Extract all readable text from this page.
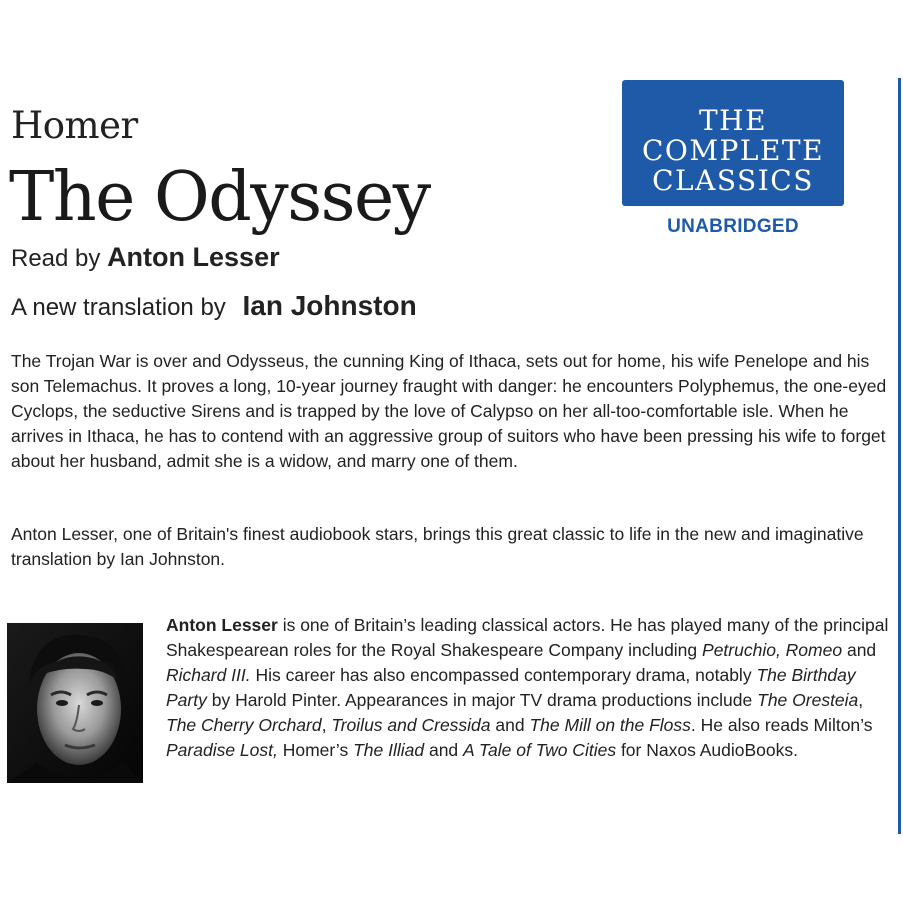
Homer
The Odyssey
Read by Anton Lesser
A new translation by Ian Johnston
THE
COMPLETE
CLASSICS
UNABRIDGED

The Trojan War is over and Odysseus, the cunning King of Ithaca, sets out for home, his wife Penelope and his son Telemachus. It proves a long, 10-year journey fraught with danger: he encounters Polyphemus, the one-eyed Cyclops, the seductive Sirens and is trapped by the love of Calypso on her all-too-comfortable isle. When he arrives in Ithaca, he has to contend with an aggressive group of suitors who have been pressing his wife to forget about her husband, admit she is a widow, and marry one of them.

Anton Lesser, one of Britain's finest audiobook stars, brings this great classic to life in the new and imaginative translation by Ian Johnston.

Anton Lesser is one of Britain’s leading classical actors. He has played many of the principal Shakespearean roles for the Royal Shakespeare Company including Petruchio, Romeo and Richard III. His career has also encompassed contemporary drama, notably The Birthday Party by Harold Pinter. Appearances in major TV drama productions include The Oresteia, The Cherry Orchard, Troilus and Cressida and The Mill on the Floss. He also reads Milton’s Paradise Lost, Homer’s The Illiad and A Tale of Two Cities for Naxos AudioBooks.
